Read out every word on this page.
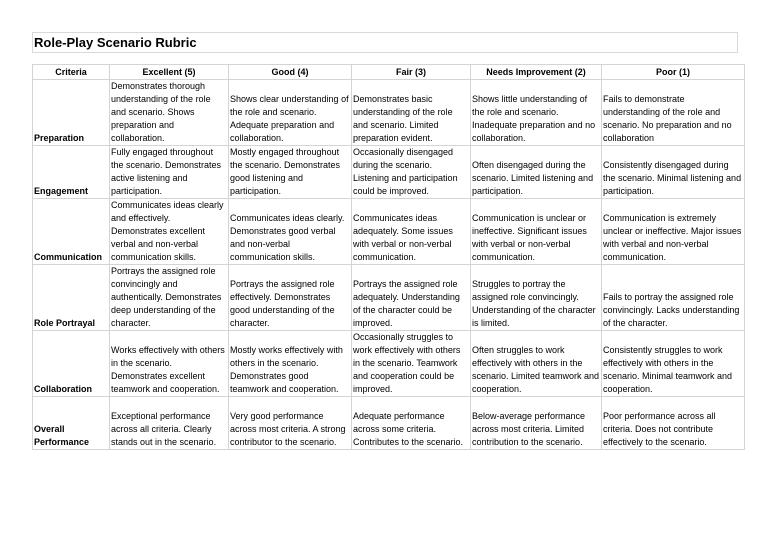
Role-Play Scenario Rubric
Criteria	Excellent (5)	Good (4)	Fair (3)	Needs Improvement (2)	Poor (1)
Preparation	Demonstrates thorough understanding of the role and scenario. Shows preparation and collaboration.	Shows clear understanding of the role and scenario. Adequate preparation and collaboration.	Demonstrates basic understanding of the role and scenario. Limited preparation evident.	Shows little understanding of the role and scenario. Inadequate preparation and no collaboration.	Fails to demonstrate understanding of the role and scenario. No preparation and no collaboration
Engagement	Fully engaged throughout the scenario. Demonstrates active listening and participation.	Mostly engaged throughout the scenario. Demonstrates good listening and participation.	Occasionally disengaged during the scenario. Listening and participation could be improved.	Often disengaged during the scenario. Limited listening and participation.	Consistently disengaged during the scenario. Minimal listening and participation.
Communication	Communicates ideas clearly and effectively. Demonstrates excellent verbal and non-verbal communication skills.	Communicates ideas clearly. Demonstrates good verbal and non-verbal communication skills.	Communicates ideas adequately. Some issues with verbal or non-verbal communication.	Communication is unclear or ineffective. Significant issues with verbal or non-verbal communication.	Communication is extremely unclear or ineffective. Major issues with verbal and non-verbal communication.
Role Portrayal	Portrays the assigned role convincingly and authentically. Demonstrates deep understanding of the character.	Portrays the assigned role effectively. Demonstrates good understanding of the character.	Portrays the assigned role adequately. Understanding of the character could be improved.	Struggles to portray the assigned role convincingly. Understanding of the character is limited.	Fails to portray the assigned role convincingly. Lacks understanding of the character.
Collaboration	Works effectively with others in the scenario. Demonstrates excellent teamwork and cooperation.	Mostly works effectively with others in the scenario. Demonstrates good teamwork and cooperation.	Occasionally struggles to work effectively with others in the scenario. Teamwork and cooperation could be improved.	Often struggles to work effectively with others in the scenario. Limited teamwork and cooperation.	Consistently struggles to work effectively with others in the scenario. Minimal teamwork and cooperation.
Overall Performance	Exceptional performance across all criteria. Clearly stands out in the scenario.	Very good performance across most criteria. A strong contributor to the scenario.	Adequate performance across some criteria. Contributes to the scenario.	Below-average performance across most criteria. Limited contribution to the scenario.	Poor performance across all criteria. Does not contribute effectively to the scenario.
